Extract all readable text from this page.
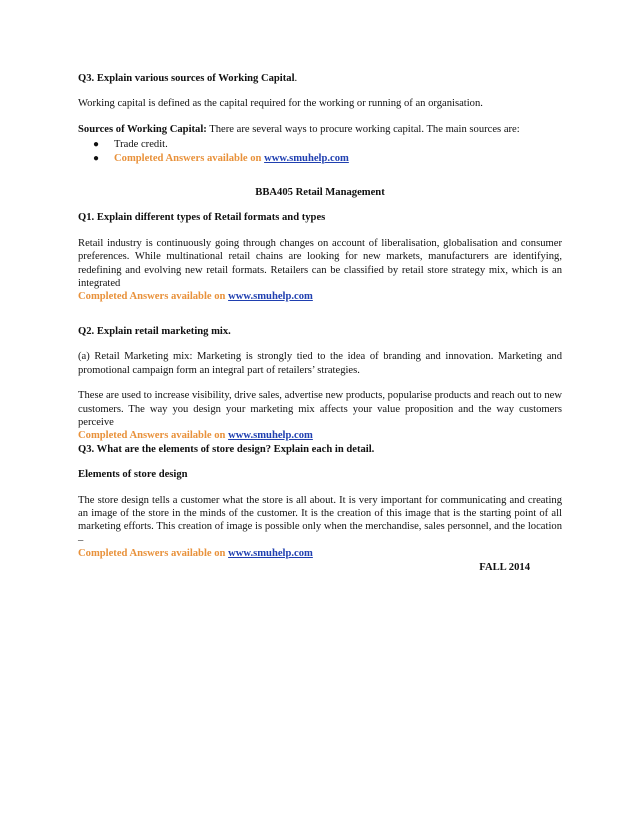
Q3. Explain various sources of Working Capital.

Working capital is defined as the capital required for the working or running of an organisation.

Sources of Working Capital: There are several ways to procure working capital. The main sources are:

● Trade credit.
● Completed Answers available on www.smuhelp.com

BBA405 Retail Management

Q1. Explain different types of Retail formats and types

Retail industry is continuously going through changes on account of liberalisation, globalisation and consumer preferences. While multinational retail chains are looking for new markets, manufacturers are identifying, redefining and evolving new retail formats. Retailers can be classified by retail store strategy mix, which is an integrated
Completed Answers available on www.smuhelp.com

Q2. Explain retail marketing mix.

(a) Retail Marketing mix: Marketing is strongly tied to the idea of branding and innovation. Marketing and promotional campaign form an integral part of retailers’ strategies.

These are used to increase visibility, drive sales, advertise new products, popularise products and reach out to new customers. The way you design your marketing mix affects your value proposition and the way customers perceive
Completed Answers available on www.smuhelp.com

Q3. What are the elements of store design? Explain each in detail.

Elements of store design

The store design tells a customer what the store is all about. It is very important for communicating and creating an image of the store in the minds of the customer. It is the creation of this image that is the starting point of all marketing efforts. This creation of image is possible only when the merchandise, sales personnel, and the location –
Completed Answers available on www.smuhelp.com

FALL 2014
